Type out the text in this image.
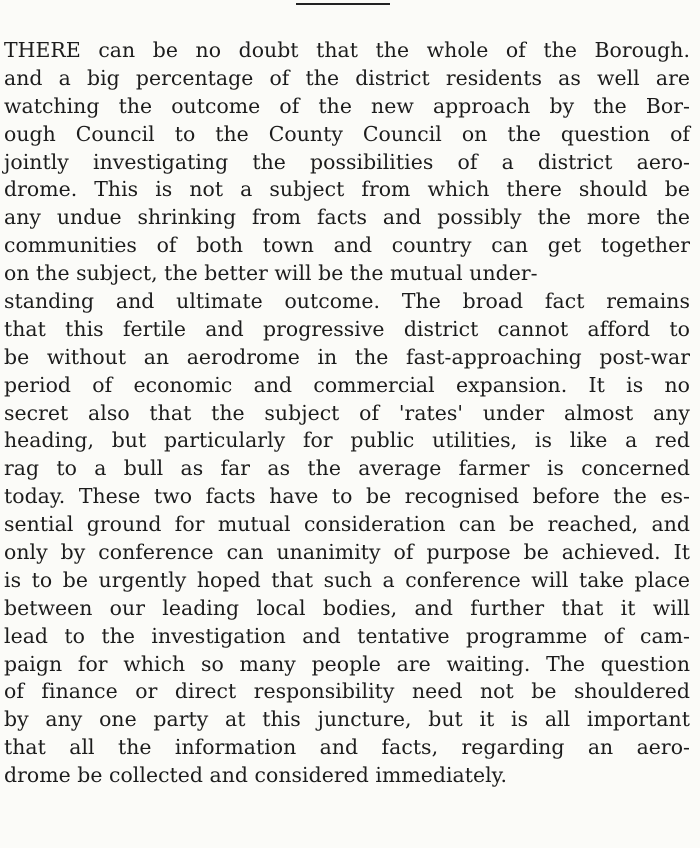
THERE can be no doubt that the whole of the Borough.
and a big percentage of the district residents as well are
watching the outcome of the new approach by the Bor-
ough Council to the County Council on the question of
jointly investigating the possibilities of a district aero-
drome. This is not a subject from which there should be
any undue shrinking from facts and possibly the more the
communities of both town and country can get together
on the subject, the better will be the mutual under-
standing and ultimate outcome. The broad fact remains
that this fertile and progressive district cannot afford to
be without an aerodrome in the fast-approaching post-war
period of economic and commercial expansion. It is no
secret also that the subject of 'rates' under almost any
heading, but particularly for public utilities, is like a red
rag to a bull as far as the average farmer is concerned
today. These two facts have to be recognised before the es-
sential ground for mutual consideration can be reached, and
only by conference can unanimity of purpose be achieved. It
is to be urgently hoped that such a conference will take place
between our leading local bodies, and further that it will
lead to the investigation and tentative programme of cam-
paign for which so many people are waiting. The question
of finance or direct responsibility need not be shouldered
by any one party at this juncture, but it is all important
that all the information and facts, regarding an aero-
drome be collected and considered immediately.
